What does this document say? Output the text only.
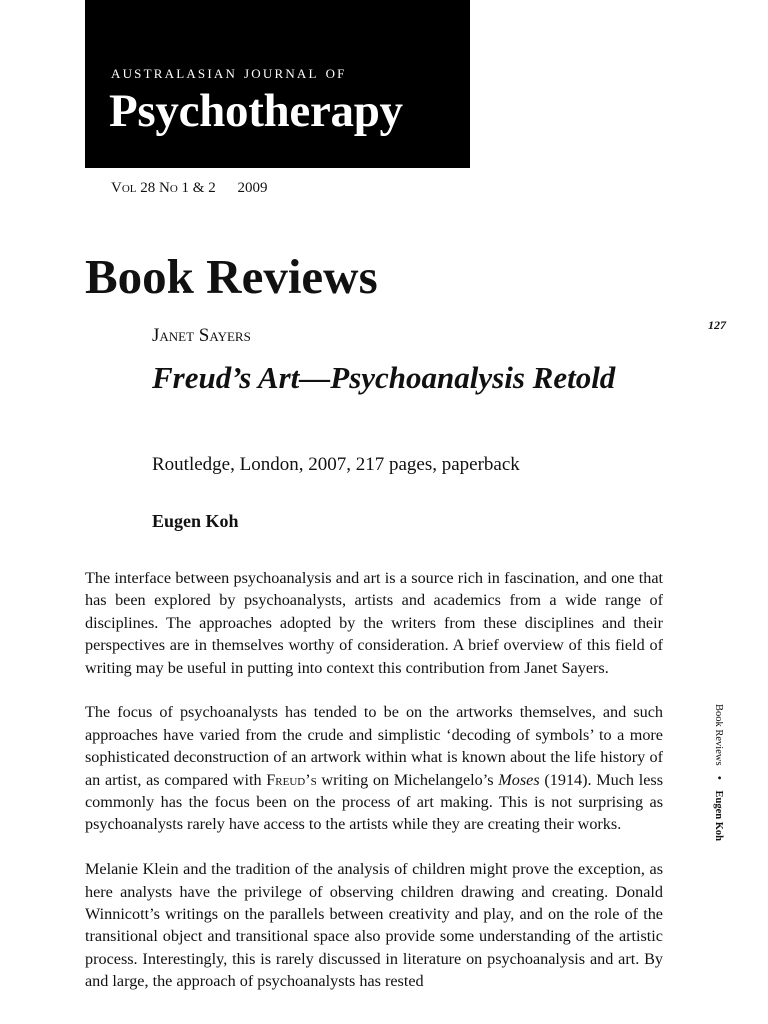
australasian journal of
Psychotherapy
Vol 28 No 1 & 2 2009
Book Reviews
127
Janet Sayers
Freud’s Art—Psychoanalysis Retold
Routledge, London, 2007, 217 pages, paperback
Eugen Koh

The interface between psychoanalysis and art is a source rich in fascination, and one that has been explored by psychoanalysts, artists and academics from a wide range of disciplines. The approaches adopted by the writers from these disciplines and their perspectives are in themselves worthy of consideration. A brief overview of this field of writing may be useful in putting into context this contribution from Janet Sayers.

The focus of psychoanalysts has tended to be on the artworks themselves, and such approaches have varied from the crude and simplistic ‘decoding of symbols’ to a more sophisticated deconstruction of an artwork within what is known about the life history of an artist, as compared with Freud’s writing on Michelangelo’s Moses (1914). Much less commonly has the focus been on the process of art making. This is not surprising as psychoanalysts rarely have access to the artists while they are creating their works.

Melanie Klein and the tradition of the analysis of children might prove the exception, as here analysts have the privilege of observing children drawing and creating. Donald Winnicott’s writings on the parallels between creativity and play, and on the role of the transitional object and transitional space also provide some understanding of the artistic process. Interestingly, this is rarely discussed in literature on psychoanalysis and art. By and large, the approach of psychoanalysts has rested

Book Reviews • Eugen Koh
